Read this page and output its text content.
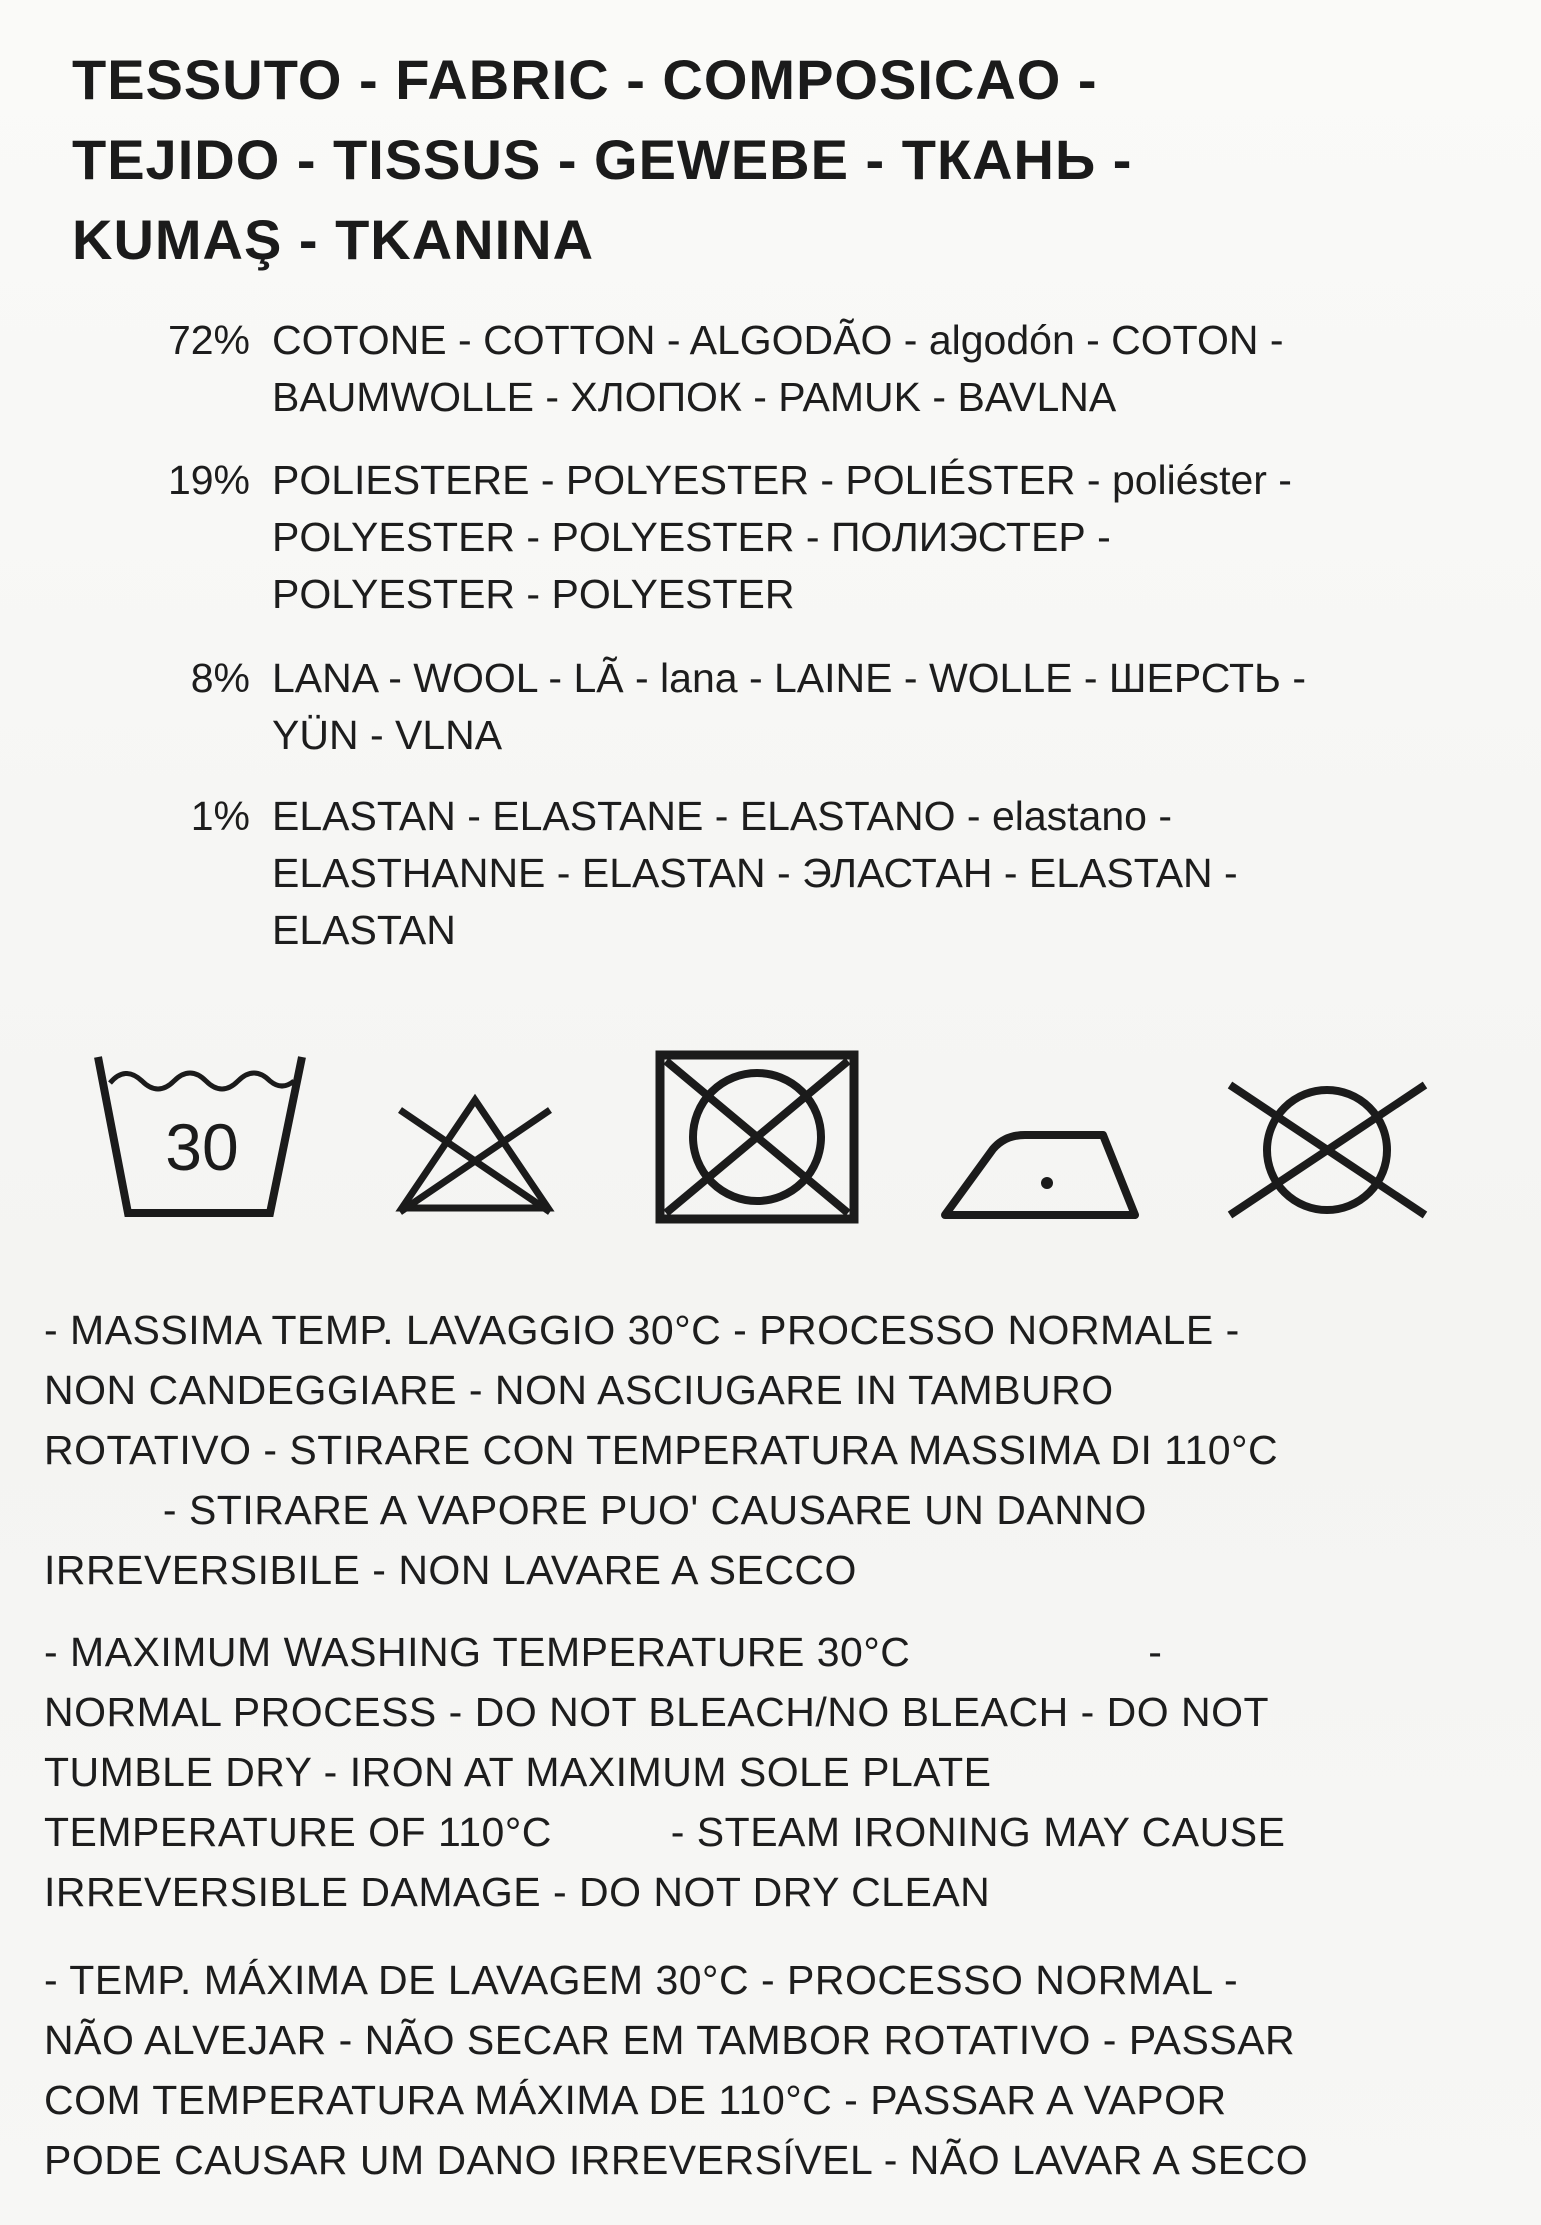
TESSUTO - FABRIC - COMPOSICAO -
TEJIDO - TISSUS - GEWEBE - ТКАНЬ -
KUMAŞ - TKANINA
72% COTONE - COTTON - ALGODÃO - algodón - COTON -
BAUMWOLLE - ХЛОПОК - PAMUK - BAVLNA
19% POLIESTERE - POLYESTER - POLIÉSTER - poliéster -
POLYESTER - POLYESTER - ПОЛИЭСТЕР -
POLYESTER - POLYESTER
8% LANA - WOOL - LÃ - lana - LAINE - WOLLE - ШЕРСТЬ -
YÜN - VLNA
1% ELASTAN - ELASTANE - ELASTANO - elastano -
ELASTHANNE - ELASTAN - ЭЛАСТАН - ELASTAN -
ELASTAN
30
- MASSIMA TEMP. LAVAGGIO 30°C - PROCESSO NORMALE -
NON CANDEGGIARE - NON ASCIUGARE IN TAMBURO
ROTATIVO - STIRARE CON TEMPERATURA MASSIMA DI 110°C
- STIRARE A VAPORE PUO' CAUSARE UN DANNO
IRREVERSIBILE - NON LAVARE A SECCO
- MAXIMUM WASHING TEMPERATURE 30°C                    -
NORMAL PROCESS - DO NOT BLEACH/NO BLEACH - DO NOT
TUMBLE DRY - IRON AT MAXIMUM SOLE PLATE
TEMPERATURE OF 110°C          - STEAM IRONING MAY CAUSE
IRREVERSIBLE DAMAGE - DO NOT DRY CLEAN
- TEMP. MÁXIMA DE LAVAGEM 30°C - PROCESSO NORMAL -
NÃO ALVEJAR - NÃO SECAR EM TAMBOR ROTATIVO - PASSAR
COM TEMPERATURA MÁXIMA DE 110°C - PASSAR A VAPOR
PODE CAUSAR UM DANO IRREVERSÍVEL - NÃO LAVAR A SECO
